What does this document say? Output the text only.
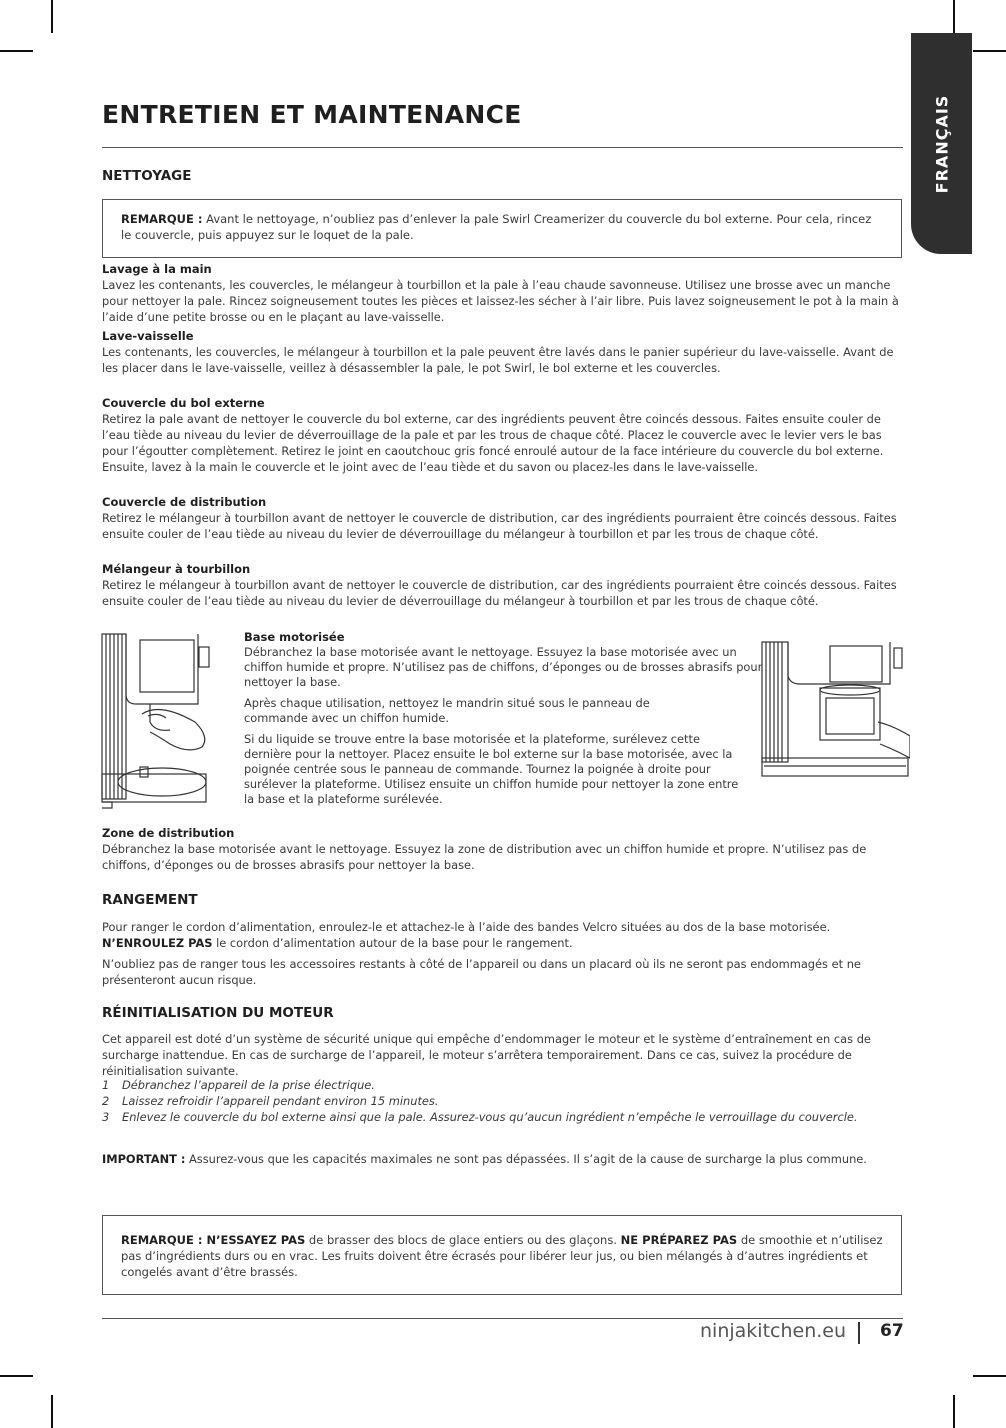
FRANÇAIS
ENTRETIEN ET MAINTENANCE
NETTOYAGE
REMARQUE : Avant le nettoyage, n’oubliez pas d’enlever la pale Swirl Creamerizer du couvercle du bol externe. Pour cela, rincez le couvercle, puis appuyez sur le loquet de la pale.
Lavage à la main

Lavez les contenants, les couvercles, le mélangeur à tourbillon et la pale à l’eau chaude savonneuse. Utilisez une brosse avec un manche pour nettoyer la pale. Rincez soigneusement toutes les pièces et laissez-les sécher à l’air libre. Puis lavez soigneusement le pot à la main à l’aide d’une petite brosse ou en le plaçant au lave-vaisselle.

Lave-vaisselle

Les contenants, les couvercles, le mélangeur à tourbillon et la pale peuvent être lavés dans le panier supérieur du lave-vaisselle. Avant de les placer dans le lave-vaisselle, veillez à désassembler la pale, le pot Swirl, le bol externe et les couvercles.

Couvercle du bol externe

Retirez la pale avant de nettoyer le couvercle du bol externe, car des ingrédients peuvent être coincés dessous. Faites ensuite couler de l’eau tiède au niveau du levier de déverrouillage de la pale et par les trous de chaque côté. Placez le couvercle avec le levier vers le bas pour l’égoutter complètement. Retirez le joint en caoutchouc gris foncé enroulé autour de la face intérieure du couvercle du bol externe. Ensuite, lavez à la main le couvercle et le joint avec de l’eau tiède et du savon ou placez-les dans le lave-vaisselle.

Couvercle de distribution

Retirez le mélangeur à tourbillon avant de nettoyer le couvercle de distribution, car des ingrédients pourraient être coincés dessous. Faites ensuite couler de l’eau tiède au niveau du levier de déverrouillage du mélangeur à tourbillon et par les trous de chaque côté.

Mélangeur à tourbillon

Retirez le mélangeur à tourbillon avant de nettoyer le couvercle de distribution, car des ingrédients pourraient être coincés dessous. Faites ensuite couler de l’eau tiède au niveau du levier de déverrouillage du mélangeur à tourbillon et par les trous de chaque côté.

Base motorisée

Débranchez la base motorisée avant le nettoyage. Essuyez la base motorisée avec un chiffon humide et propre. N’utilisez pas de chiffons, d’éponges ou de brosses abrasifs pour nettoyer la base.

Après chaque utilisation, nettoyez le mandrin situé sous le panneau de commande avec un chiffon humide.

Si du liquide se trouve entre la base motorisée et la plateforme, surélevez cette dernière pour la nettoyer. Placez ensuite le bol externe sur la base motorisée, avec la poignée centrée sous le panneau de commande. Tournez la poignée à droite pour surélever la plateforme. Utilisez ensuite un chiffon humide pour nettoyer la zone entre la base et la plateforme surélevée.

Zone de distribution

Débranchez la base motorisée avant le nettoyage. Essuyez la zone de distribution avec un chiffon humide et propre. N’utilisez pas de chiffons, d’éponges ou de brosses abrasifs pour nettoyer la base.

RANGEMENT

Pour ranger le cordon d’alimentation, enroulez-le et attachez-le à l’aide des bandes Velcro situées au dos de la base motorisée. N’ENROULEZ PAS le cordon d’alimentation autour de la base pour le rangement.

N’oubliez pas de ranger tous les accessoires restants à côté de l’appareil ou dans un placard où ils ne seront pas endommagés et ne présenteront aucun risque.

RÉINITIALISATION DU MOTEUR

Cet appareil est doté d’un système de sécurité unique qui empêche d’endommager le moteur et le système d’entraînement en cas de surcharge inattendue. En cas de surcharge de l’appareil, le moteur s’arrêtera temporairement. Dans ce cas, suivez la procédure de réinitialisation suivante.

1 Débranchez l’appareil de la prise électrique.
2 Laissez refroidir l’appareil pendant environ 15 minutes.
3 Enlevez le couvercle du bol externe ainsi que la pale. Assurez-vous qu’aucun ingrédient n’empêche le verrouillage du couvercle.

IMPORTANT : Assurez-vous que les capacités maximales ne sont pas dépassées. Il s’agit de la cause de surcharge la plus commune.

REMARQUE : N’ESSAYEZ PAS de brasser des blocs de glace entiers ou des glaçons. NE PRÉPAREZ PAS de smoothie et n’utilisez pas d’ingrédients durs ou en vrac. Les fruits doivent être écrasés pour libérer leur jus, ou bien mélangés à d’autres ingrédients et congelés avant d’être brassés.
ninjakitchen.eu 67
